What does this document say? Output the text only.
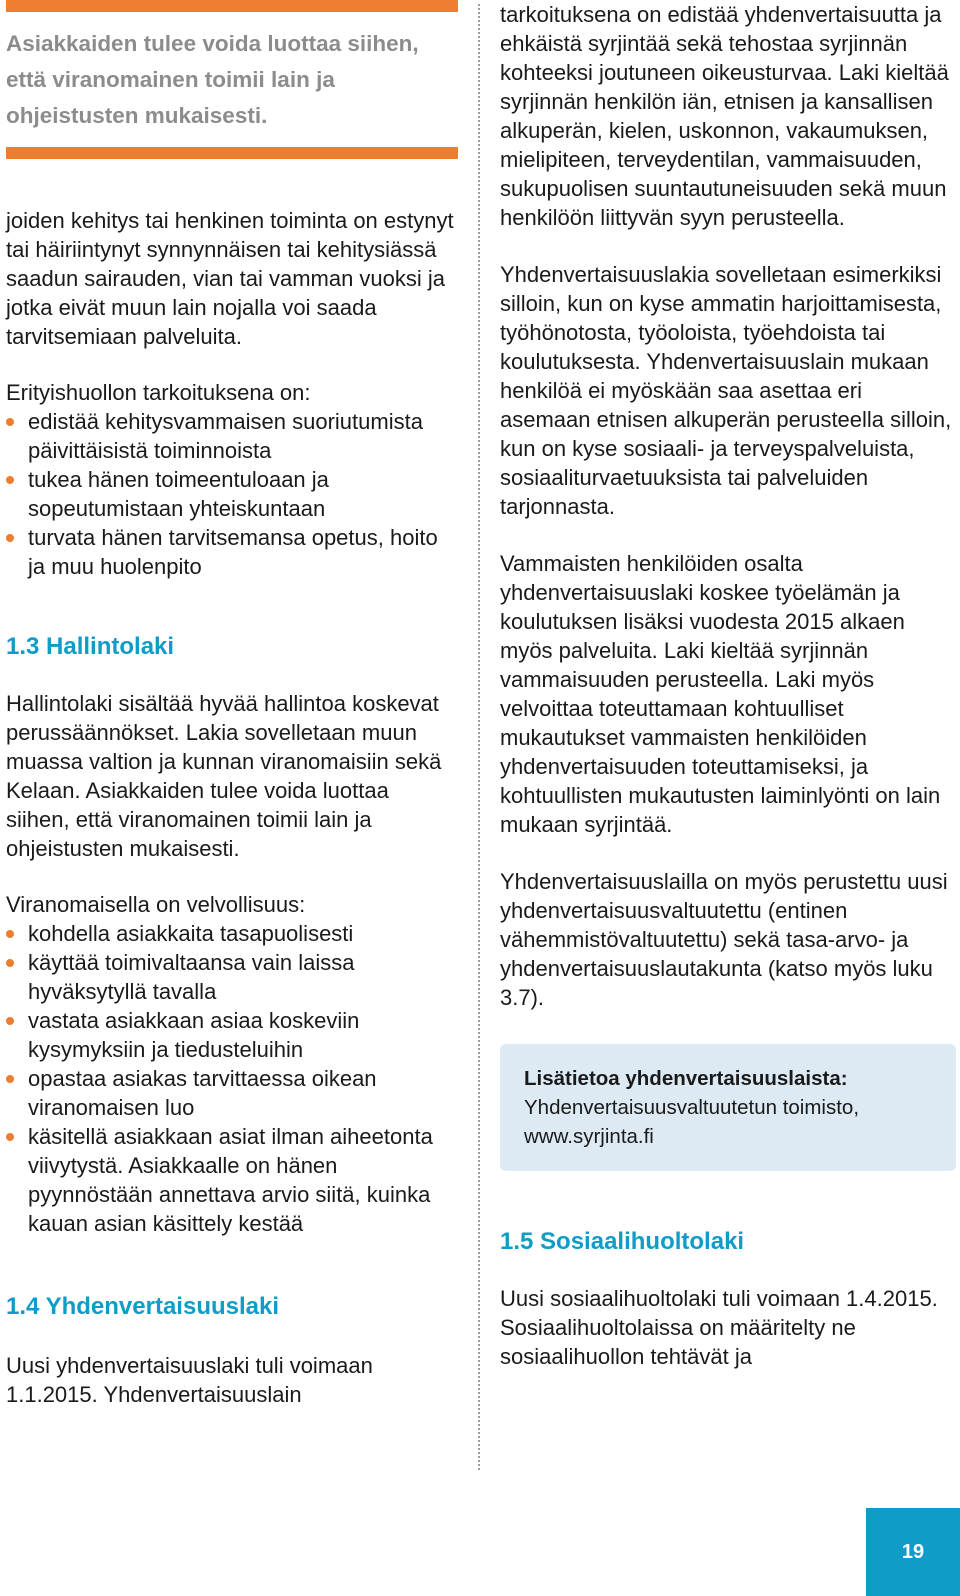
Asiakkaiden tulee voida luottaa siihen, että viranomainen toimii lain ja ohjeistusten mukaisesti.

joiden kehitys tai henkinen toiminta on estynyt tai häiriintynyt synnynnäisen tai kehitysiässä saadun sairauden, vian tai vamman vuoksi ja jotka eivät muun lain nojalla voi saada tarvitsemiaan palveluita.

Erityishuollon tarkoituksena on:

edistää kehitysvammaisen suoriutumista päivittäisistä toiminnoista
tukea hänen toimeentuloaan ja sopeutumistaan yhteiskuntaan
turvata hänen tarvitsemansa opetus, hoito ja muu huolenpito
1.3 Hallintolaki

Hallintolaki sisältää hyvää hallintoa koskevat perussäännökset. Lakia sovelletaan muun muassa valtion ja kunnan viranomaisiin sekä Kelaan. Asiakkaiden tulee voida luottaa siihen, että viranomainen toimii lain ja ohjeistusten mukaisesti.

Viranomaisella on velvollisuus:

kohdella asiakkaita tasapuolisesti
käyttää toimivaltaansa vain laissa hyväksytyllä tavalla
vastata asiakkaan asiaa koskeviin kysymyksiin ja tiedusteluihin
opastaa asiakas tarvittaessa oikean viranomaisen luo
käsitellä asiakkaan asiat ilman aiheetonta viivytystä. Asiakkaalle on hänen pyynnöstään annettava arvio siitä, kuinka kauan asian käsittely kestää
1.4 Yhdenvertaisuuslaki

Uusi yhdenvertaisuuslaki tuli voimaan 1.1.2015. Yhdenvertaisuuslain

tarkoituksena on edistää yhdenvertaisuutta ja ehkäistä syrjintää sekä tehostaa syrjinnän kohteeksi joutuneen oikeusturvaa. Laki kieltää syrjinnän henkilön iän, etnisen ja kansallisen alkuperän, kielen, uskonnon, vakaumuksen, mielipiteen, terveydentilan, vammaisuuden, sukupuolisen suuntautuneisuuden sekä muun henkilöön liittyvän syyn perusteella.

Yhdenvertaisuuslakia sovelletaan esimerkiksi silloin, kun on kyse ammatin harjoittamisesta, työhönotosta, työoloista, työehdoista tai koulutuksesta. Yhdenvertaisuuslain mukaan henkilöä ei myöskään saa asettaa eri asemaan etnisen alkuperän perusteella silloin, kun on kyse sosiaali- ja terveyspalveluista, sosiaaliturvaetuuksista tai palveluiden tarjonnasta.

Vammaisten henkilöiden osalta yhdenvertaisuuslaki koskee työelämän ja koulutuksen lisäksi vuodesta 2015 alkaen myös palveluita. Laki kieltää syrjinnän vammaisuuden perusteella. Laki myös velvoittaa toteuttamaan kohtuulliset mukautukset vammaisten henkilöiden yhdenvertaisuuden toteuttamiseksi, ja kohtuullisten mukautusten laiminlyönti on lain mukaan syrjintää.

Yhdenvertaisuuslailla on myös perustettu uusi yhdenvertaisuusvaltuutettu (entinen vähemmistövaltuutettu) sekä tasa-arvo- ja yhdenvertaisuuslautakunta (katso myös luku 3.7).

Lisätietoa yhdenvertaisuuslaista:

Yhdenvertaisuusvaltuutetun toimisto,

www.syrjinta.fi

1.5 Sosiaalihuoltolaki

Uusi sosiaalihuoltolaki tuli voimaan 1.4.2015. Sosiaalihuoltolaissa on määritelty ne sosiaalihuollon tehtävät ja

19
